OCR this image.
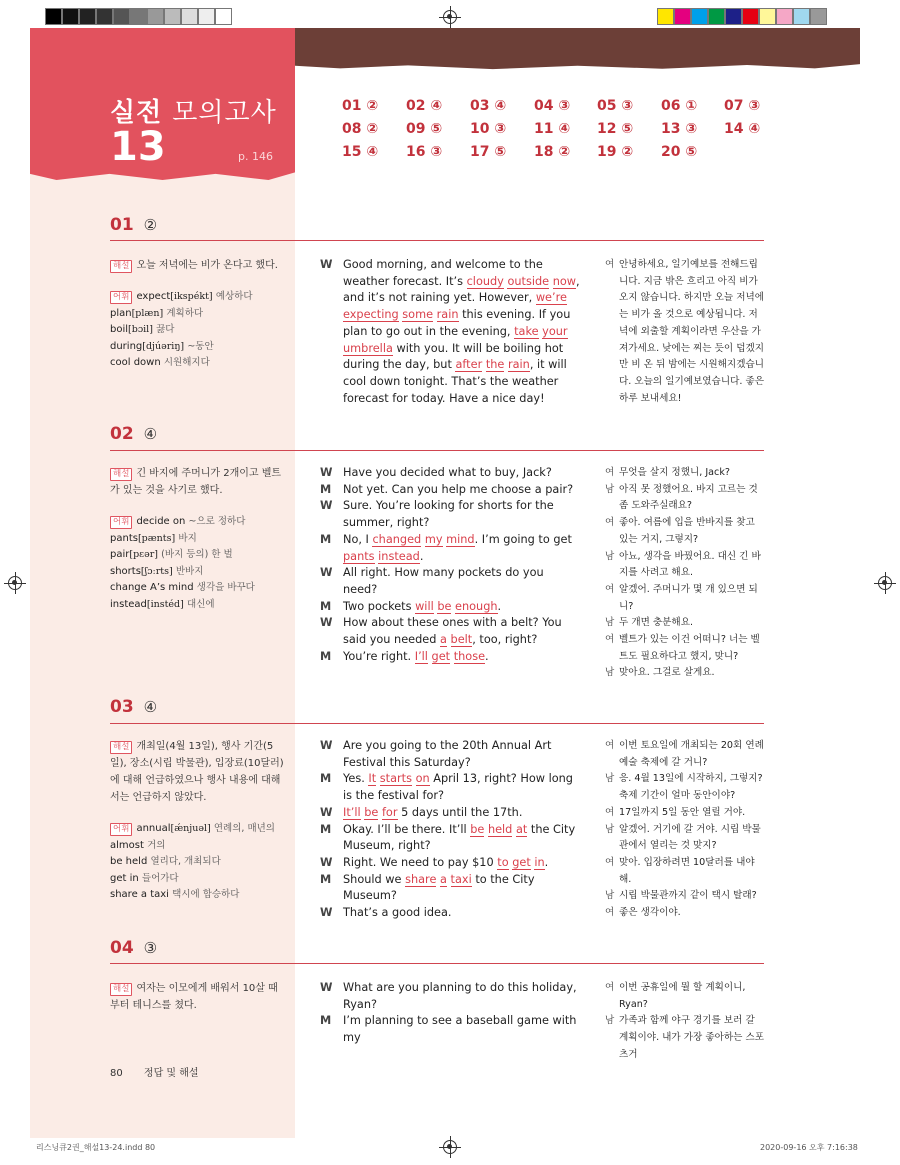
실전 모의고사
13	p. 146
01 ② 02 ④ 03 ④ 04 ③ 05 ③ 06 ① 07 ③
08 ② 09 ⑤ 10 ③ 11 ④ 12 ⑤ 13 ③ 14 ④
15 ④ 16 ③ 17 ⑤ 18 ② 19 ② 20 ⑤
01 ②
해설 오늘 저녁에는 비가 온다고 했다.
어휘 expect[ikspékt] 예상하다
plan[plæn] 계획하다
boil[bɔil] 끓다
during[djúəriŋ] ~동안
cool down 시원해지다
W Good morning, and welcome to the weather forecast. It’s cloudy outside now, and it’s not raining yet. However, we’re expecting some rain this evening. If you plan to go out in the evening, take your umbrella with you. It will be boiling hot during the day, but after the rain, it will cool down tonight. That’s the weather forecast for today. Have a nice day!
여 안녕하세요, 일기예보를 전해드립니다. 지금 밖은 흐리고 아직 비가 오지 않습니다. 하지만 오늘 저녁에는 비가 올 것으로 예상됩니다. 저녁에 외출할 계획이라면 우산을 가져가세요. 낮에는 찌는 듯이 덥겠지만 비 온 뒤 밤에는 시원해지겠습니다. 오늘의 일기예보였습니다. 좋은 하루 보내세요!
02 ④
해설 긴 바지에 주머니가 2개이고 벨트가 있는 것을 사기로 했다.
어휘 decide on ~으로 정하다
pants[pænts] 바지
pair[pɛər] (바지 등의) 한 벌
shorts[ʃɔːrts] 반바지
change A’s mind 생각을 바꾸다
instead[instéd] 대신에
W Have you decided what to buy, Jack?
M Not yet. Can you help me choose a pair?
W Sure. You’re looking for shorts for the summer, right?
M No, I changed my mind. I’m going to get pants instead.
W All right. How many pockets do you need?
M Two pockets will be enough.
W How about these ones with a belt? You said you needed a belt, too, right?
M You’re right. I’ll get those.
여 무엇을 살지 정했니, Jack?
남 아직 못 정했어요. 바지 고르는 것 좀 도와주실래요?
여 좋아. 여름에 입을 반바지를 찾고 있는 거지, 그렇지?
남 아뇨, 생각을 바꿨어요. 대신 긴 바지를 사려고 해요.
여 알겠어. 주머니가 몇 개 있으면 되니?
남 두 개면 충분해요.
여 벨트가 있는 이건 어떠니? 너는 벨트도 필요하다고 했지, 맞니?
남 맞아요. 그걸로 살게요.
03 ④
해설 개최일(4월 13일), 행사 기간(5일), 장소(시립 박물관), 입장료(10달러)에 대해 언급하였으나 행사 내용에 대해서는 언급하지 않았다.
어휘 annual[ǽnjuəl] 연례의, 매년의
almost 거의
be held 열리다, 개최되다
get in 들어가다
share a taxi 택시에 합승하다
W Are you going to the 20th Annual Art Festival this Saturday?
M Yes. It starts on April 13, right? How long is the festival for?
W It’ll be for 5 days until the 17th.
M Okay. I’ll be there. It’ll be held at the City Museum, right?
W Right. We need to pay $10 to get in.
M Should we share a taxi to the City Museum?
W That’s a good idea.
여 이번 토요일에 개최되는 20회 연례 예술 축제에 갈 거니?
남 응. 4월 13일에 시작하지, 그렇지? 축제 기간이 얼마 동안이야?
여 17일까지 5일 동안 열릴 거야.
남 알겠어. 거기에 갈 거야. 시립 박물관에서 열리는 것 맞지?
여 맞아. 입장하려면 10달러를 내야 해.
남 시립 박물관까지 같이 택시 탈래?
여 좋은 생각이야.
04 ③
해설 여자는 이모에게 배워서 10살 때부터 테니스를 쳤다.
W What are you planning to do this holiday, Ryan?
M I’m planning to see a baseball game with my
여 이번 공휴일에 뭘 할 계획이니, Ryan?
남 가족과 함께 야구 경기를 보러 갈 계획이야. 내가 가장 좋아하는 스포츠거
80 정답 및 해설
리스닝큐2권_해설13-24.indd 80	2020-09-16 오후 7:16:38
